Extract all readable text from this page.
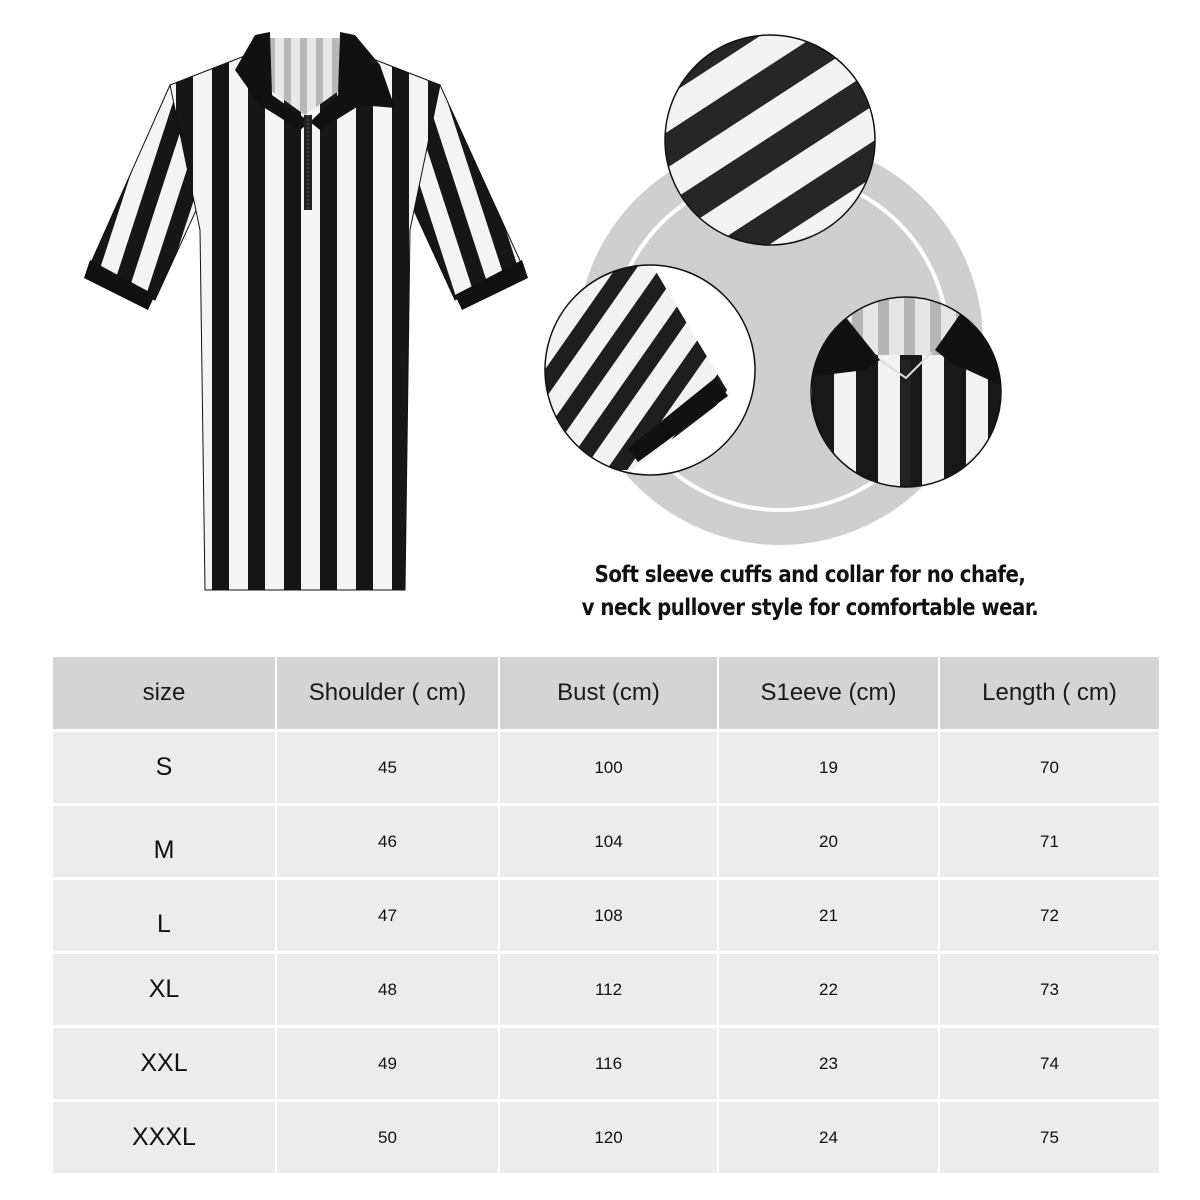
Soft sleeve cuffs and collar for no chafe,
v neck pullover style for comfortable wear.
size	Shoulder ( cm)	Bust (cm)	S1eeve (cm)	Length ( cm)
S	45	100	19	70
M	46	104	20	71
L	47	108	21	72
XL	48	112	22	73
XXL	49	116	23	74
XXXL	50	120	24	75
